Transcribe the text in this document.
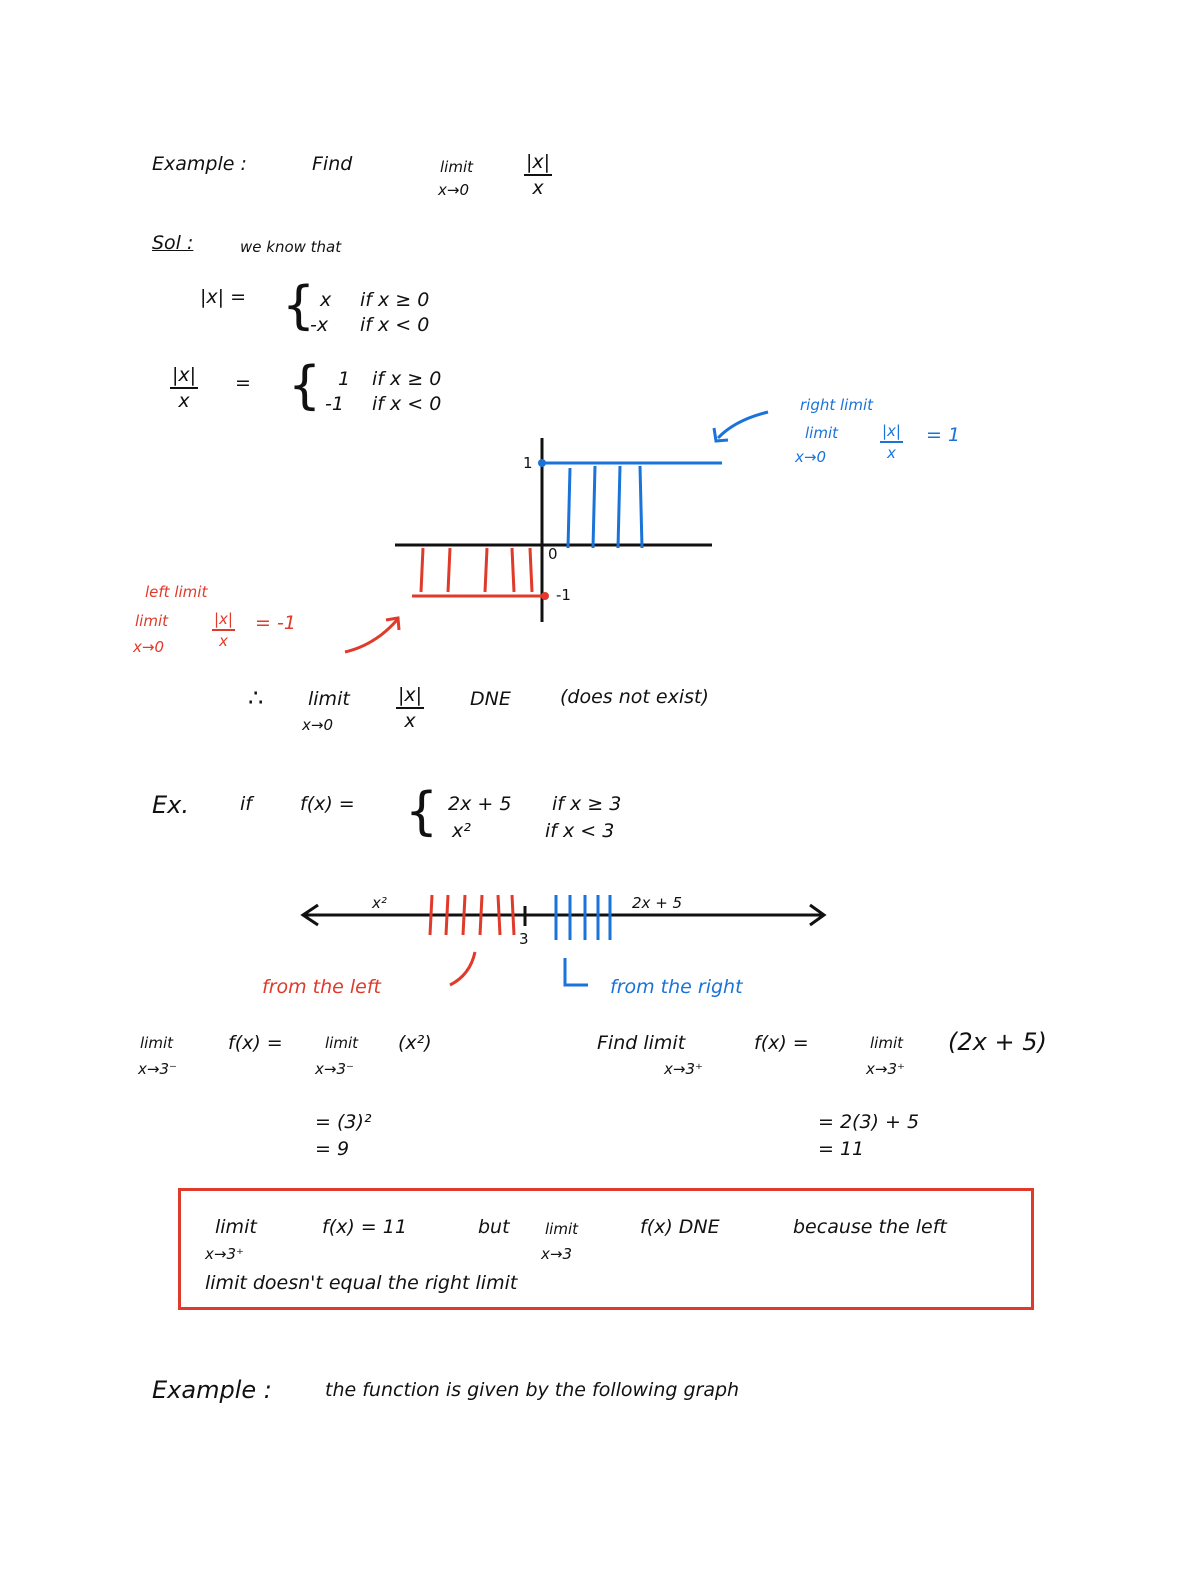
Example :	Find	limit
x→0	$\frac{|x|}{x}$
Sol :	we know that
|x| = { x if x ≥ 0
-x if x < 0
$\frac{|x|}{x}$ = { 1 if x ≥ 0
-1 if x < 0
1
0
-1
right limit
limit
x→0	$\frac{|x|}{x} = 1$
left limit
limit
x→0	$\frac{|x|}{x} = -1$
∴ limit
x→0	$\frac{|x|}{x}$ DNE	(does not exist)
Ex.	if	f(x) = { 2x + 5 if x ≥ 3
x²	if x < 3
x²	2x + 5
3
from the left	from the right
limit
x→3⁻
f(x) =	limit
x→3⁻
(x²)
= (3)²
= 9
Find limit
x→3⁺
f(x) =	limit
x→3⁺
(2x + 5)
= 2(3) + 5
= 11
limit
x→3⁺
f(x) = 11	but limit
x→3
f(x) DNE	because the left
limit doesn't equal the right limit
Example :	the function is given by the following graph
